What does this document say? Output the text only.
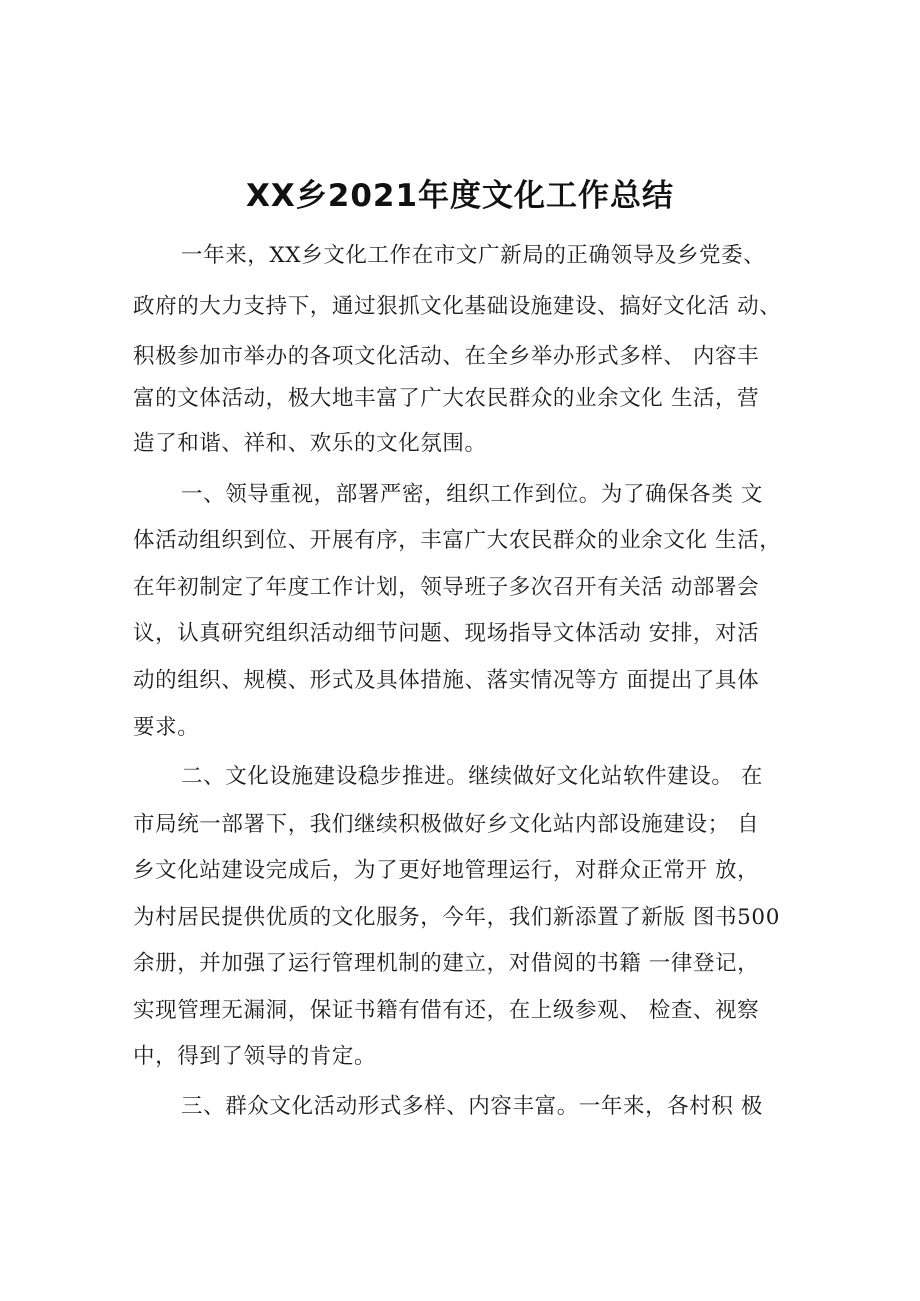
XX乡2021年度文化工作总结
一年来，XX乡文化工作在市文广新局的正确领导及乡党委、
政府的大力支持下，通过狠抓文化基础设施建设、搞好文化活 动、
积极参加市举办的各项文化活动、在全乡举办形式多样、 内容丰
富的文体活动，极大地丰富了广大农民群众的业余文化 生活，营
造了和谐、祥和、欢乐的文化氛围。
一、领导重视，部署严密，组织工作到位。为了确保各类 文
体活动组织到位、开展有序，丰富广大农民群众的业余文化 生活，
在年初制定了年度工作计划，领导班子多次召开有关活 动部署会
议，认真研究组织活动细节问题、现场指导文体活动 安排，对活
动的组织、规模、形式及具体措施、落实情况等方 面提出了具体
要求。
二、文化设施建设稳步推进。继续做好文化站软件建设。 在
市局统一部署下，我们继续积极做好乡文化站内部设施建设； 自
乡文化站建设完成后，为了更好地管理运行，对群众正常开 放，
为村居民提供优质的文化服务，今年，我们新添置了新版 图书500
余册，并加强了运行管理机制的建立，对借阅的书籍 一律登记，
实现管理无漏洞，保证书籍有借有还，在上级参观、 检查、视察
中，得到了领导的肯定。
三、群众文化活动形式多样、内容丰富。一年来，各村积 极
